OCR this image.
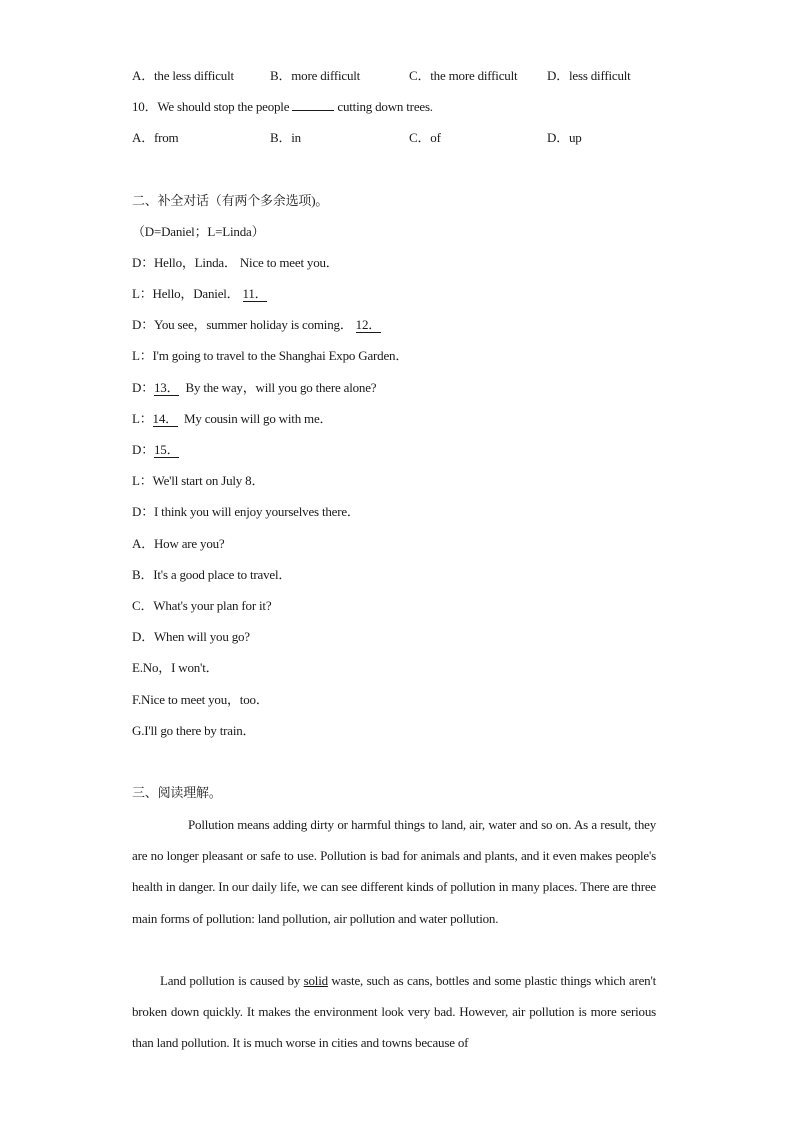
A．the less difficult	B．more difficult	C．the more difficult D．less difficult
10．We should stop the people	cutting down trees.
A．from	B．in	C．of	D．up
二、补全对话（有两个多余选项)。
（D=Daniel；L=Linda）
D：Hello，Linda． Nice to meet you．
L：Hello，Daniel． 11．
D：You see，summer holiday is coming． 12．
L：I'm going to travel to the Shanghai Expo Garden．
D：13．  By the way，will you go there alone?
L：14．  My cousin will go with me．
D：15．
L：We'll start on July 8．
D：I think you will enjoy yourselves there．
A．How are you?
B．It's a good place to travel．
C．What's your plan for it?
D．When will you go?
E.No，I won't．
F.Nice to meet you，too．
G.I'll go there by train．
三、阅读理解。

Pollution means adding dirty or harmful things to land, air, water and so on. As a result, they are no longer pleasant or safe to use. Pollution is bad for animals and plants, and it even makes people's health in danger. In our daily life, we can see different kinds of pollution in many places. There are three main forms of pollution: land pollution, air pollution and water pollution.

Land pollution is caused by solid waste, such as cans, bottles and some plastic things which aren't broken down quickly. It makes the environment look very bad. However, air pollution is more serious than land pollution. It is much worse in cities and towns because of
